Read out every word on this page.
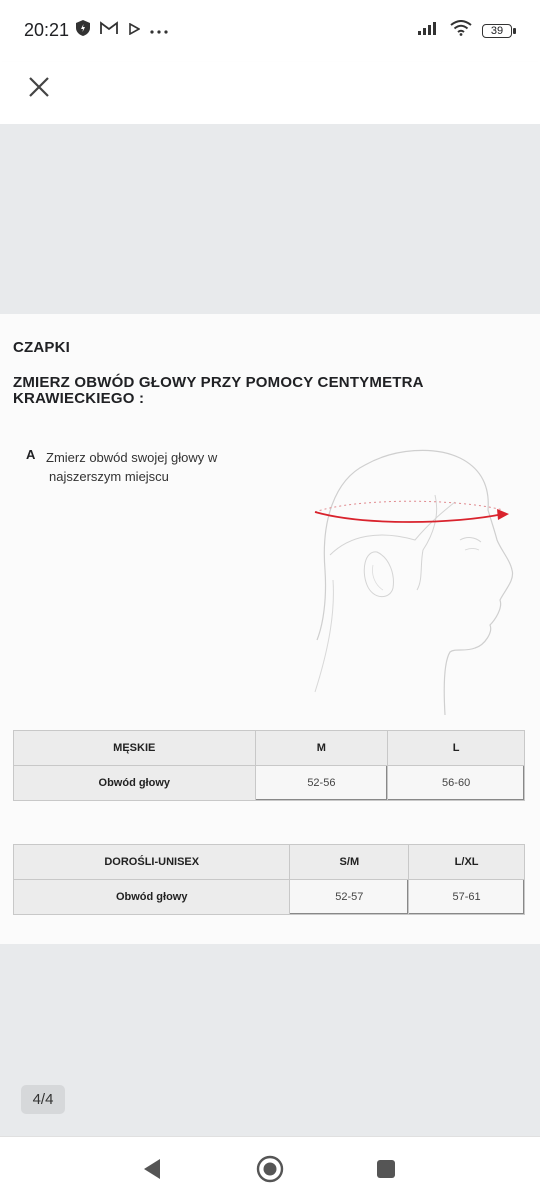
20:21	39
CZAPKI
ZMIERZ OBWÓD GŁOWY PRZY POMOCY CENTYMETRA KRAWIECKIEGO :
A Zmierz obwód swojej głowy w
najszerszym miejscu
MĘSKIE	M	L
Obwód głowy	52-56	56-60
DOROŚLI-UNISEX	S/M	L/XL
Obwód głowy	52-57	57-61
4/4
